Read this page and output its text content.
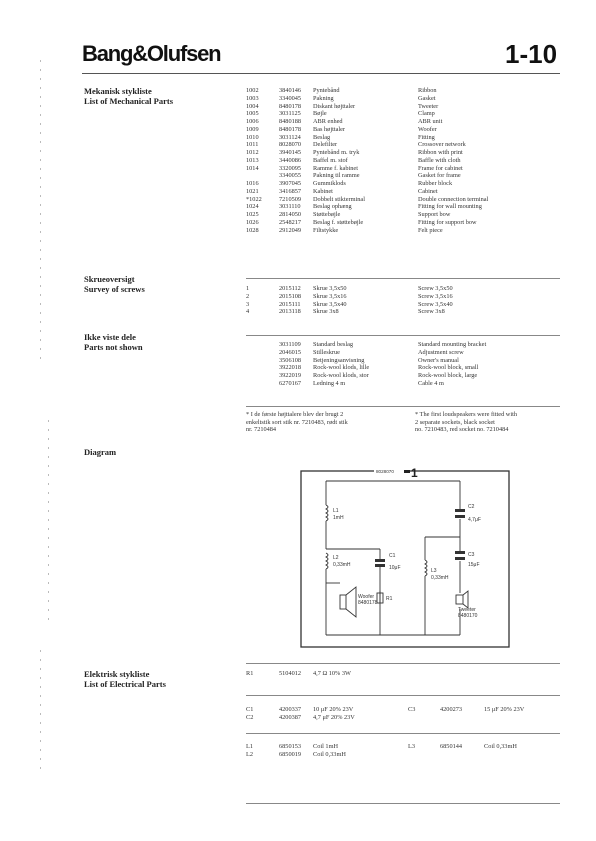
Bang&Olufsen	1-10
Mekanisk stykliste
List of Mechanical Parts
1002	3840146 Pyntebånd	Ribbon
1003	3340045 Pakning	Gasket
1004	8480178 Diskant højttaler	Tweeter
1005	3031125 Bøjle	Clamp
1006	8480188 ABR enhed	ABR unit
1009	8480178 Bas højttaler	Woofer
1010	3031124 Beslag	Fitting
1011	8028070 Delefilter	Crossover network
1012	3940145 Pyntebånd m. tryk	Ribbon with print
1013	3440086 Baffel m. stof	Baffle with cloth
1014	3320095 Ramme f. kabinet	Frame for cabinet
3340055 Pakning til ramme	Gasket for frame
1016	3907045 Gummiklods	Rubber block
1021	3416857 Kabinet	Cabinet
*1022	7210509 Dobbelt stikterminal	Double connection terminal
1024	3031110 Beslag ophæng	Fitting for wall mounting
1025	2814050 Støttebøjle	Support bow
1026	2548217 Beslag f. støttebøjle	Fitting for support bow
1028	2912049 Filtstykke	Felt piece
Skrueoversigt
Survey of screws	1	2015112 Skrue 3,5x50	Screw 3,5x50
2	2015108 Skrue 3,5x16	Screw 3,5x16
3	2015111 Skrue 3,5x40	Screw 3,5x40
4	2013118 Skrue 3x8	Screw 3x8
Ikke viste dele
Parts not shown	3031109 Standard beslag	Standard mounting bracket
2046015 Stilleskrue	Adjustment screw
3506108 Betjeningsanvisning	Owner's manual
3922018 Rock-wool klods, lille	Rock-wool block, small
3922019 Rock-wool klods, stor	Rock-wool block, large
6270167 Ledning 4 m	Cable 4 m
* I de første højttalere blev der brugt 2
enkeltstik sort stik nr. 7210483, rødt stik
nr. 7210484
* The first loudspeakers were fitted with
2 separate sockets, black socket
no. 7210483, red socket no. 7210484
Diagram
8028070 1
L1
1mH
L2
0,33mH
C1
10μF
R1
Woofer
8480178
C2
4,7μF
C3
15μF
L3
0,33mH
Tweeter
8480170
Elektrisk stykliste
List of Electrical Parts
R1	5104012 4,7 Ω 10% 3W
C1	4200337 10 μF 20% 23V	C3	4200273	15 μF 20% 23V
C2	4200387 4,7 μF 20% 23V
L1	6850153 Coil 1mH	L3	6850144	Coil 0,33mH
L2	6850019 Coil 0,33mH
